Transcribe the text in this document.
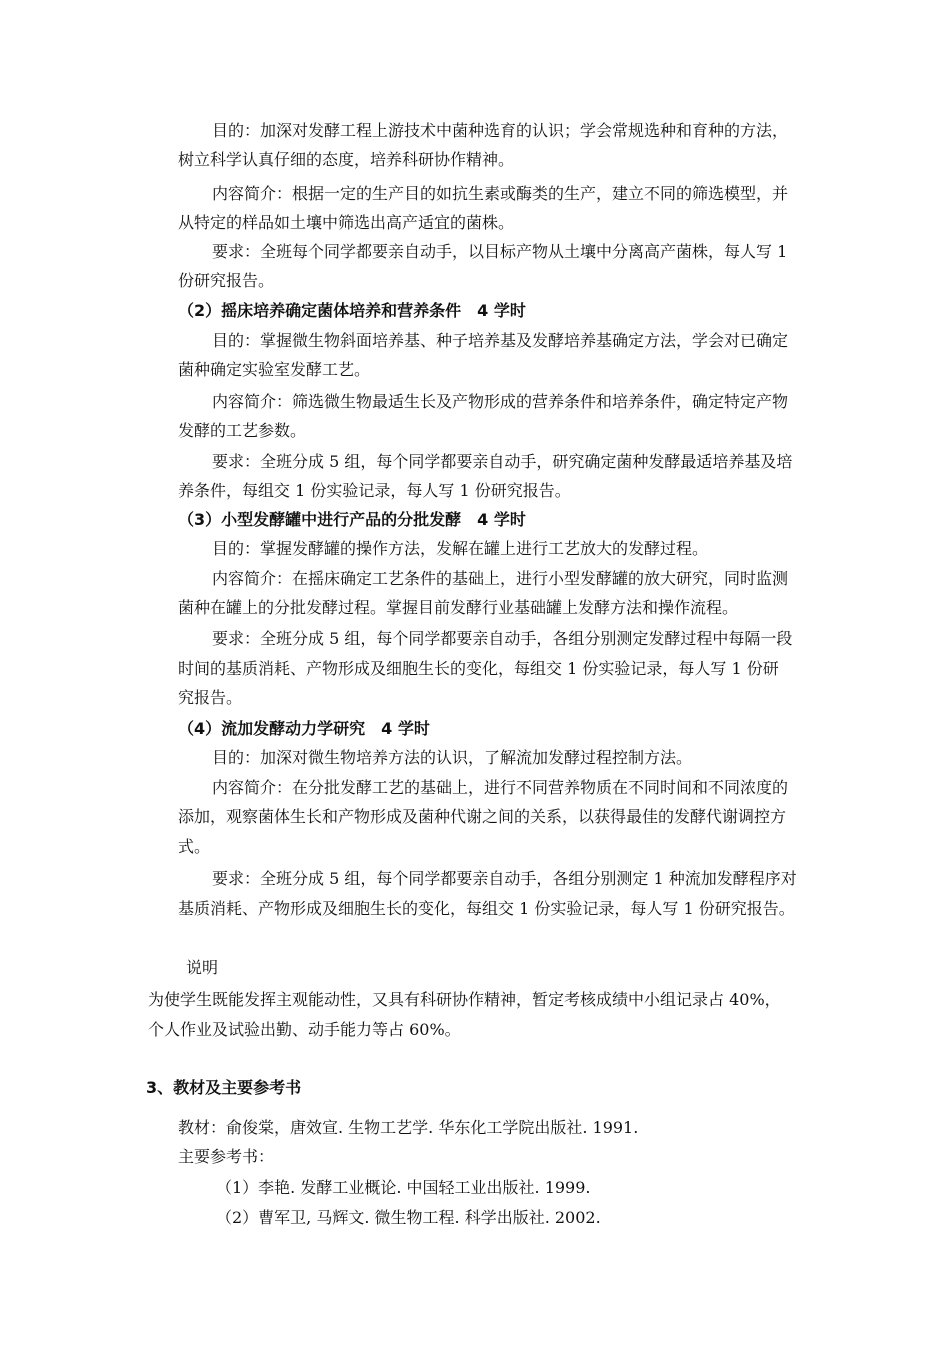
目的：加深对发酵工程上游技术中菌种选育的认识；学会常规选种和育种的方法，
树立科学认真仔细的态度，培养科研协作精神。
内容简介：根据一定的生产目的如抗生素或酶类的生产，建立不同的筛选模型，并
从特定的样品如土壤中筛选出高产适宜的菌株。
要求：全班每个同学都要亲自动手，以目标产物从土壤中分离高产菌株，每人写 1
份研究报告。
（2）摇床培养确定菌体培养和营养条件　4 学时
目的：掌握微生物斜面培养基、种子培养基及发酵培养基确定方法，学会对已确定
菌种确定实验室发酵工艺。
内容简介：筛选微生物最适生长及产物形成的营养条件和培养条件，确定特定产物
发酵的工艺参数。
要求：全班分成 5 组，每个同学都要亲自动手，研究确定菌种发酵最适培养基及培
养条件，每组交 1 份实验记录，每人写 1 份研究报告。
（3）小型发酵罐中进行产品的分批发酵　4 学时
目的：掌握发酵罐的操作方法，发解在罐上进行工艺放大的发酵过程。
内容简介：在摇床确定工艺条件的基础上，进行小型发酵罐的放大研究，同时监测
菌种在罐上的分批发酵过程。掌握目前发酵行业基础罐上发酵方法和操作流程。
要求：全班分成 5 组，每个同学都要亲自动手，各组分别测定发酵过程中每隔一段
时间的基质消耗、产物形成及细胞生长的变化，每组交 1 份实验记录，每人写 1 份研
究报告。
（4）流加发酵动力学研究　4 学时
目的：加深对微生物培养方法的认识，了解流加发酵过程控制方法。
内容简介：在分批发酵工艺的基础上，进行不同营养物质在不同时间和不同浓度的
添加，观察菌体生长和产物形成及菌种代谢之间的关系，以获得最佳的发酵代谢调控方
式。
要求：全班分成 5 组，每个同学都要亲自动手，各组分别测定 1 种流加发酵程序对
基质消耗、产物形成及细胞生长的变化，每组交 1 份实验记录，每人写 1 份研究报告。
说明
为使学生既能发挥主观能动性，又具有科研协作精神，暂定考核成绩中小组记录占 40%，
个人作业及试验出勤、动手能力等占 60%。
3、教材及主要参考书
教材：俞俊棠，唐效宣. 生物工艺学. 华东化工学院出版社. 1991.
主要参考书：
（1）李艳. 发酵工业概论. 中国轻工业出版社. 1999.
（2）曹军卫, 马辉文. 微生物工程. 科学出版社. 2002.
